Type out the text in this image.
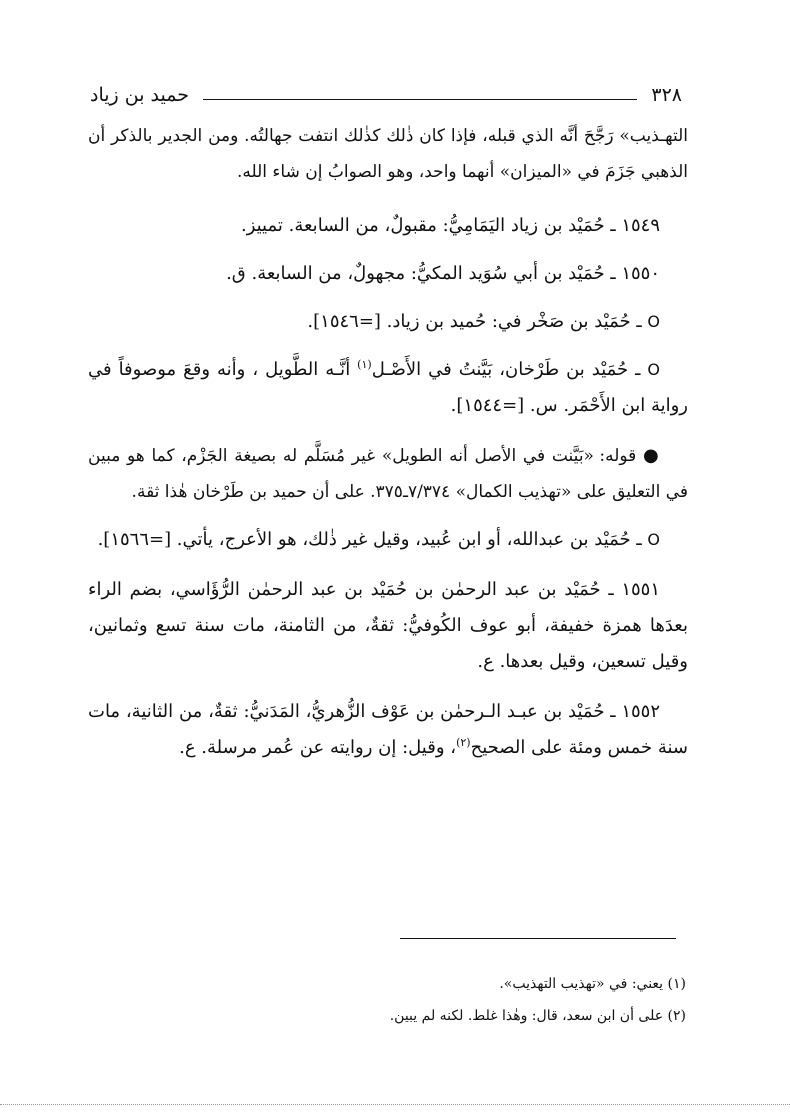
٣٢٨
حميد بن زياد

التهـذيب» رَجَّحَ أنَّه الذي قبله، فإذا كان ذٰلك كذٰلك انتفت جهالتُه. ومن الجدير بالذكر أن الذهبي جَزَمَ في «الميزان» أنهما واحد، وهو الصوابُ إن شاء الله.

١٥٤٩ ـ حُمَيْد بن زياد اليَمَامِيُّ: مقبولٌ، من السابعة. تمييز.

١٥٥٠ ـ حُمَيْد بن أبي سُوَيد المكيُّ: مجهولٌ، من السابعة. ق.

O ـ حُمَيْد بن صَخْر في: حُميد بن زياد. [=١٥٤٦].

O ـ حُمَيْد بن طَرْخان، بَيَّنتُ في الأَصْـل$^{(١)}$ أنَّـه الطَّويل ، وأنه وقعَ موصوفاً في رواية ابن الأَحْمَر. س. [=١٥٤٤].

● قوله: «بَيَّنت في الأصل أنه الطويل» غير مُسَلَّم له بصيغة الجَزْم، كما هو مبين في التعليق على «تهذيب الكمال» ٧/٣٧٤ـ٣٧٥. على أن حميد بن طَرْخان هٰذا ثقة.

O ـ حُمَيْد بن عبدالله، أو ابن عُبيد، وقيل غير ذٰلك، هو الأعرج، يأتي. [=١٥٦٦].

١٥٥١ ـ حُمَيْد بن عبد الرحمٰن بن حُمَيْد بن عبد الرحمٰن الرُّؤَاسي، بضم الراء بعدَها همزة خفيفة، أبو عوف الكُوفيُّ: ثقةٌ، من الثامنة، مات سنة تسع وثمانين، وقيل تسعين، وقيل بعدها. ع.

١٥٥٢ ـ حُمَيْد بن عبـد الـرحمٰن بن عَوْف الزُّهريُّ، المَدَنيُّ: ثقةٌ، من الثانية، مات سنة خمس ومئة على الصحيح$^{(٢)}$، وقيل: إن روايته عن عُمر مرسلة. ع.

(١) يعني: في «تهذيب التهذيب».

(٢) على أن ابن سعد، قال: وهٰذا غلط. لكنه لم يبين.
